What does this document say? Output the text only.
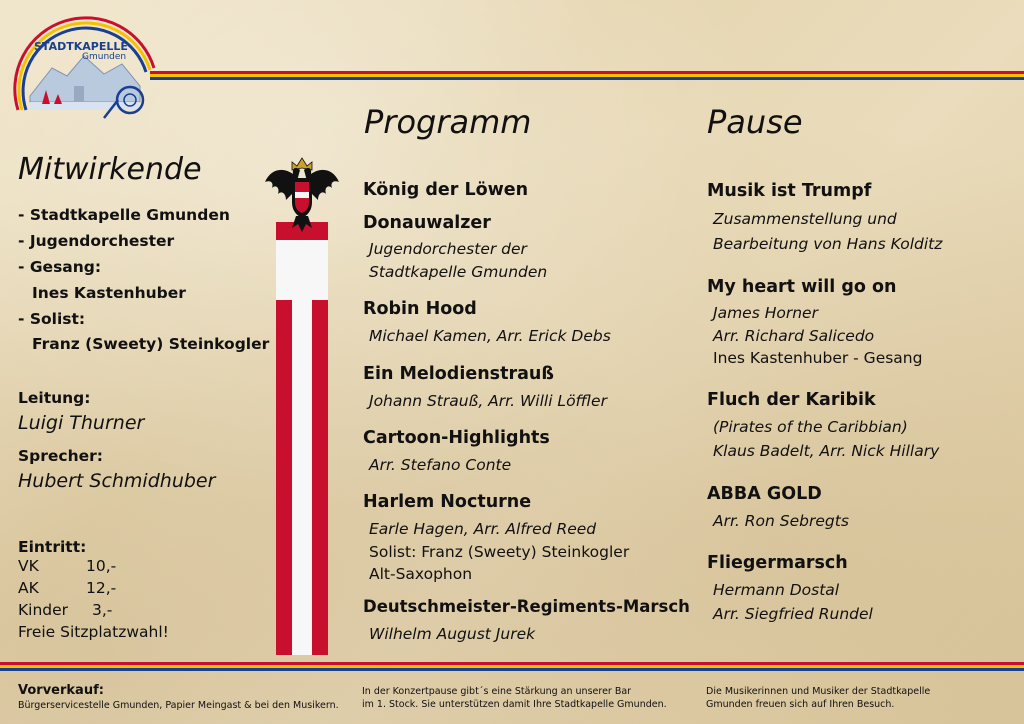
STADTKAPELLE
Gmunden
Mitwirkende
Programm	Pause
- Stadtkapelle Gmunden
- Jugendorchester
- Gesang:
Ines Kastenhuber
- Solist:
Franz (Sweety) Steinkogler
Leitung:
Luigi Thurner
Sprecher:
Hubert Schmidhuber
Eintritt:
VK	10,-
AK	12,-
Kinder 3,-
Freie Sitzplatzwahl!
König der Löwen
Donauwalzer
Jugendorchester der
Stadtkapelle Gmunden
Robin Hood
Michael Kamen, Arr. Erick Debs
Ein Melodienstrauß
Johann Strauß, Arr. Willi Löffler
Cartoon-Highlights
Arr. Stefano Conte
Harlem Nocturne
Earle Hagen, Arr. Alfred Reed
Solist: Franz (Sweety) Steinkogler
Alt-Saxophon
Deutschmeister-Regiments-Marsch
Wilhelm August Jurek
Musik ist Trumpf
Zusammenstellung und
Bearbeitung von Hans Kolditz
My heart will go on
James Horner
Arr. Richard Salicedo
Ines Kastenhuber - Gesang
Fluch der Karibik
(Pirates of the Caribbian)
Klaus Badelt, Arr. Nick Hillary
ABBA GOLD
Arr. Ron Sebregts
Fliegermarsch
Hermann Dostal
Arr. Siegfried Rundel
Vorverkauf:
Bürgerservicestelle Gmunden, Papier Meingast & bei den Musikern.
In der Konzertpause gibt´s eine Stärkung an unserer Bar
im 1. Stock. Sie unterstützen damit Ihre Stadtkapelle Gmunden.
Die Musikerinnen und Musiker der Stadtkapelle
Gmunden freuen sich auf Ihren Besuch.
